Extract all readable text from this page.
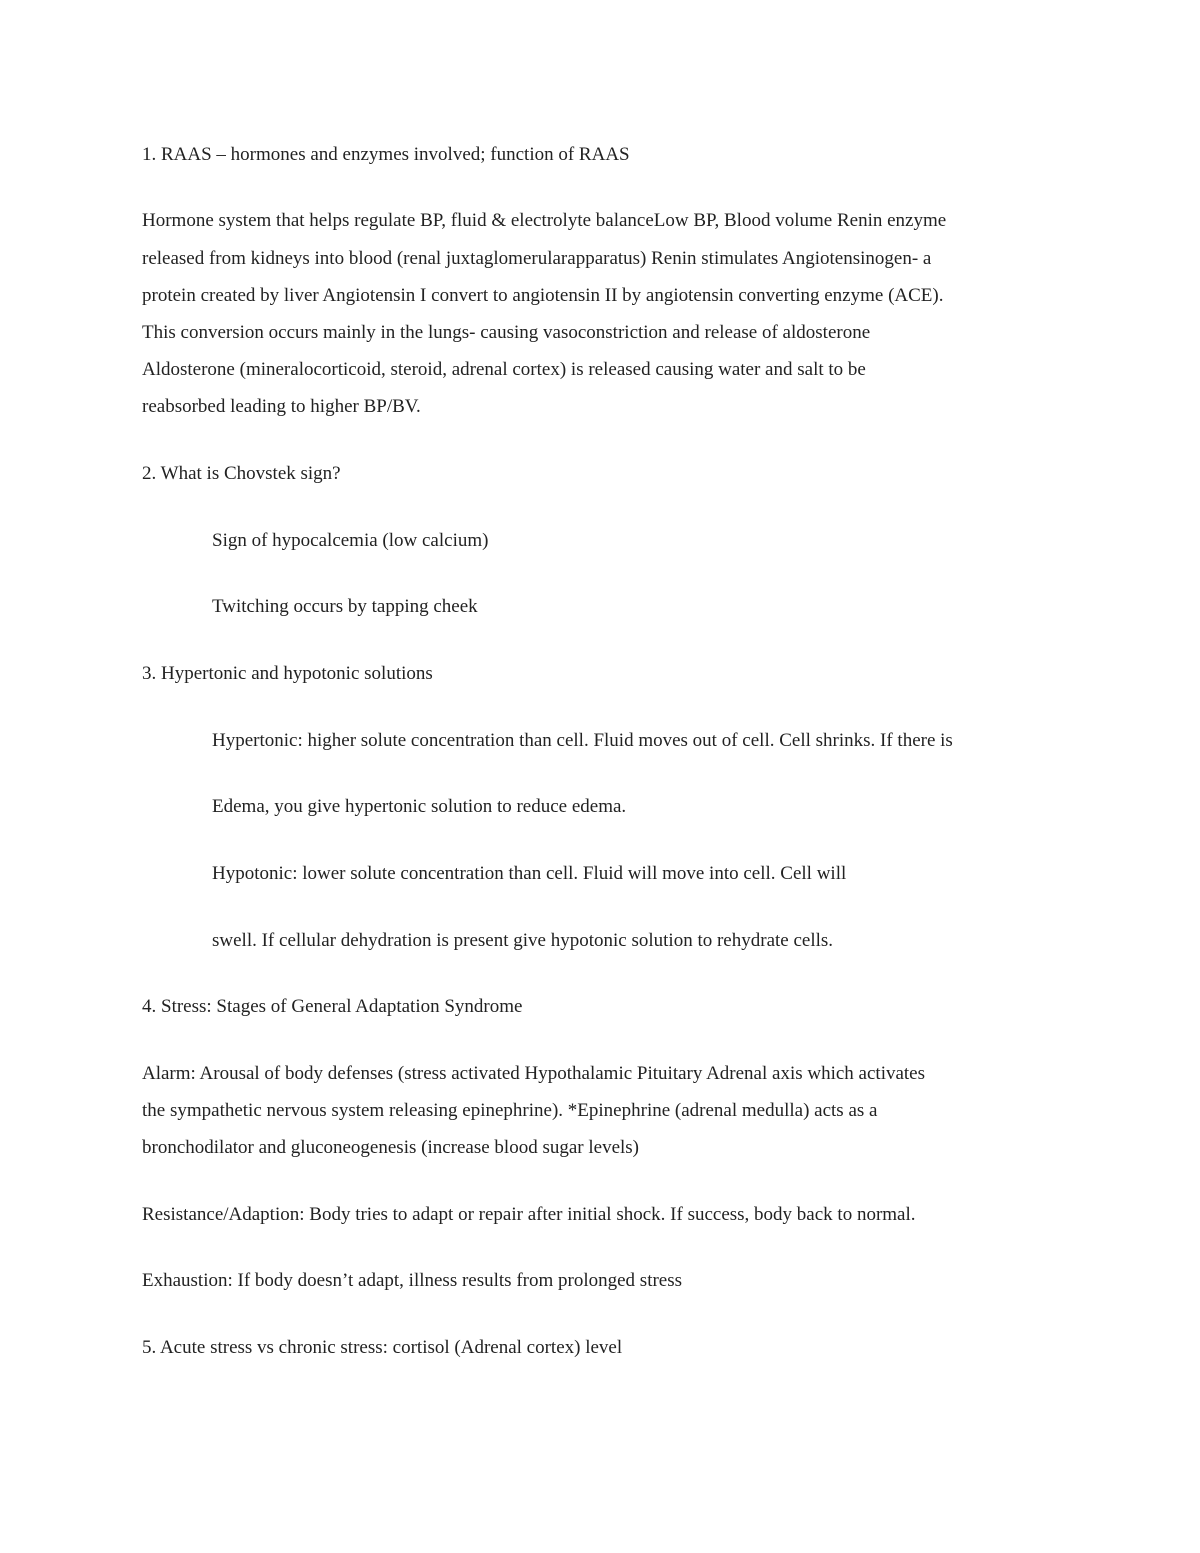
1. RAAS – hormones and enzymes involved; function of RAAS
Hormone system that helps regulate BP, fluid & electrolyte balanceLow BP, Blood volume Renin enzyme
released from kidneys into blood (renal juxtaglomerularapparatus) Renin stimulates Angiotensinogen- a
protein created by liver Angiotensin I convert to angiotensin II by angiotensin converting enzyme (ACE).
This conversion occurs mainly in the lungs- causing vasoconstriction and release of aldosterone
Aldosterone (mineralocorticoid, steroid, adrenal cortex) is released causing water and salt to be
reabsorbed leading to higher BP/BV.
2. What is Chovstek sign?
Sign of hypocalcemia (low calcium)
Twitching occurs by tapping cheek
3. Hypertonic and hypotonic solutions
Hypertonic: higher solute concentration than cell. Fluid moves out of cell. Cell shrinks. If there is
Edema, you give hypertonic solution to reduce edema.
Hypotonic: lower solute concentration than cell. Fluid will move into cell. Cell will
swell. If cellular dehydration is present give hypotonic solution to rehydrate cells.
4. Stress: Stages of General Adaptation Syndrome
Alarm: Arousal of body defenses (stress activated Hypothalamic Pituitary Adrenal axis which activates
the sympathetic nervous system releasing epinephrine). *Epinephrine (adrenal medulla) acts as a
bronchodilator and gluconeogenesis (increase blood sugar levels)
Resistance/Adaption: Body tries to adapt or repair after initial shock. If success, body back to normal.
Exhaustion: If body doesn’t adapt, illness results from prolonged stress
5. Acute stress vs chronic stress: cortisol (Adrenal cortex) level
